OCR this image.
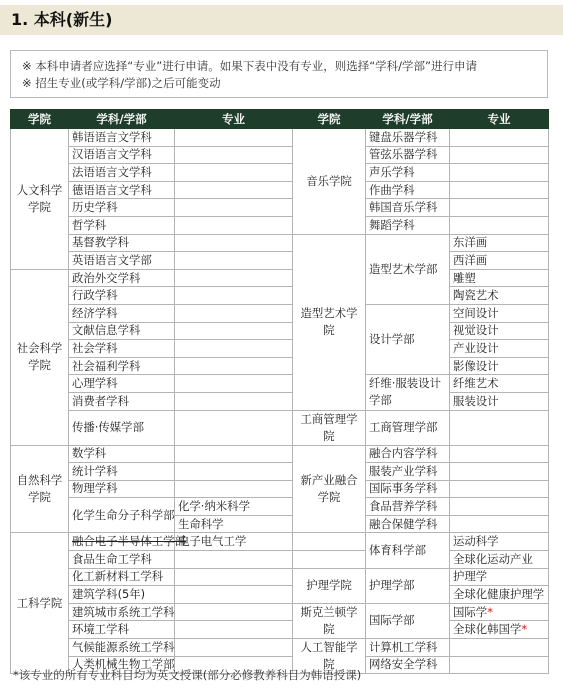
1. 本科(新生)
※ 本科申请者应选择“专业”进行申请。如果下表中没有专业，则选择“学科/学部”进行申请
※ 招生专业(或学科/学部)之后可能变动
学院	学科/学部	专业	学院	学科/学部	专业
人文科学学院	韩语语言文学科		音乐学院	键盘乐器学科	
	汉语语言文学科			管弦乐器学科	
	法语语言文学科			声乐学科	
	德语语言文学科			作曲学科	
	历史学科			韩国音乐学科	
	哲学科			舞蹈学科	
	基督教学科		造型艺术学院	造型艺术学部	东洋画
	英语语言文学部				西洋画
社会科学学院	政治外交学科				雕塑
	行政学科				陶瓷艺术
	经济学科			设计学部	空间设计
	文献信息学科				视觉设计
	社会学科				产业设计
	社会福利学科				影像设计
	心理学科			纤维·服装设计学部	纤维艺术
	消费者学科				服装设计
	传播·传媒学部		工商管理学院	工商管理学部	
自然科学学院	数学科		新产业融合学院	融合内容学科	
	统计学科			服装产业学科	
	物理学科			国际事务学科	
	化学生命分子科学部	化学·纳米科学		食品营养学科	
		生命科学		融合保健学科	
工科学院	融合电子半导体工学部	电子电气工学		体育科学部	运动科学
	食品生命工学科				全球化运动产业
	化工新材料工学科		护理学院	护理学部	护理学
	建筑学科(5年)				全球化健康护理学
	建筑城市系统工学科		斯克兰顿学院	国际学部	国际学*
	环境工学科				全球化韩国学*
	气候能源系统工学科		人工智能学院	计算机工学科	
	人类机械生物工学部			网络安全学科	
*该专业的所有专业科目均为英文授课(部分必修教养科目为韩语授课)
